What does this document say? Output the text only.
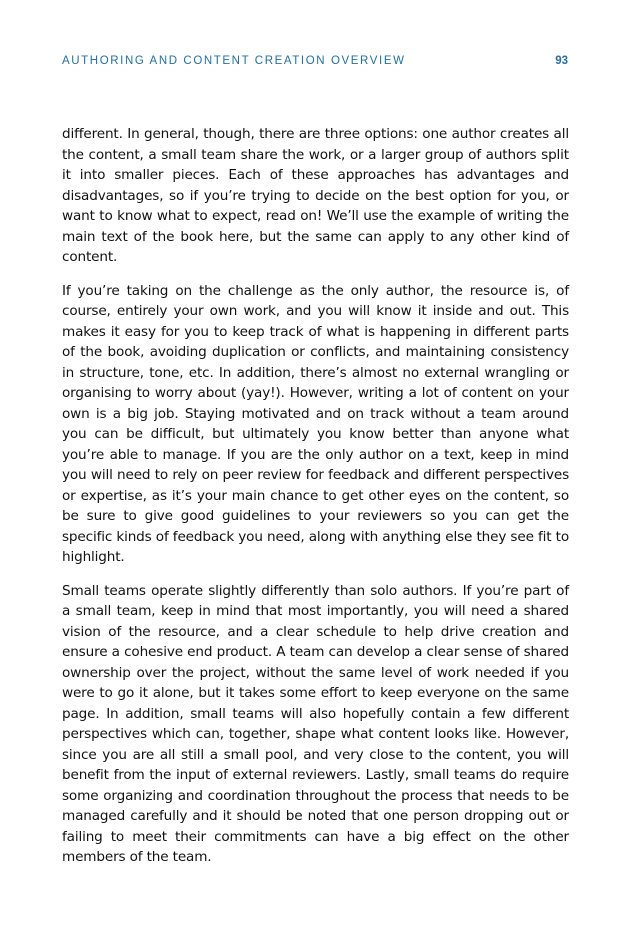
AUTHORING AND CONTENT CREATION OVERVIEW	93

different. In general, though, there are three options: one author creates all the content, a small team share the work, or a larger group of authors split it into smaller pieces. Each of these approaches has advantages and disadvantages, so if you’re trying to decide on the best option for you, or want to know what to expect, read on! We’ll use the example of writing the main text of the book here, but the same can apply to any other kind of content.

If you’re taking on the challenge as the only author, the resource is, of course, entirely your own work, and you will know it inside and out. This makes it easy for you to keep track of what is happening in different parts of the book, avoiding duplication or conflicts, and maintaining consistency in structure, tone, etc. In addition, there’s almost no external wrangling or organising to worry about (yay!). However, writing a lot of content on your own is a big job. Staying motivated and on track without a team around you can be difficult, but ultimately you know better than anyone what you’re able to manage. If you are the only author on a text, keep in mind you will need to rely on peer review for feedback and different perspectives or expertise, as it’s your main chance to get other eyes on the content, so be sure to give good guidelines to your reviewers so you can get the specific kinds of feedback you need, along with anything else they see fit to highlight.

Small teams operate slightly differently than solo authors. If you’re part of a small team, keep in mind that most importantly, you will need a shared vision of the resource, and a clear schedule to help drive creation and ensure a cohesive end product. A team can develop a clear sense of shared ownership over the project, without the same level of work needed if you were to go it alone, but it takes some effort to keep everyone on the same page. In addition, small teams will also hopefully contain a few different perspectives which can, together, shape what content looks like. However, since you are all still a small pool, and very close to the content, you will benefit from the input of external reviewers. Lastly, small teams do require some organizing and coordination throughout the process that needs to be managed carefully and it should be noted that one person dropping out or failing to meet their commitments can have a big effect on the other members of the team.
